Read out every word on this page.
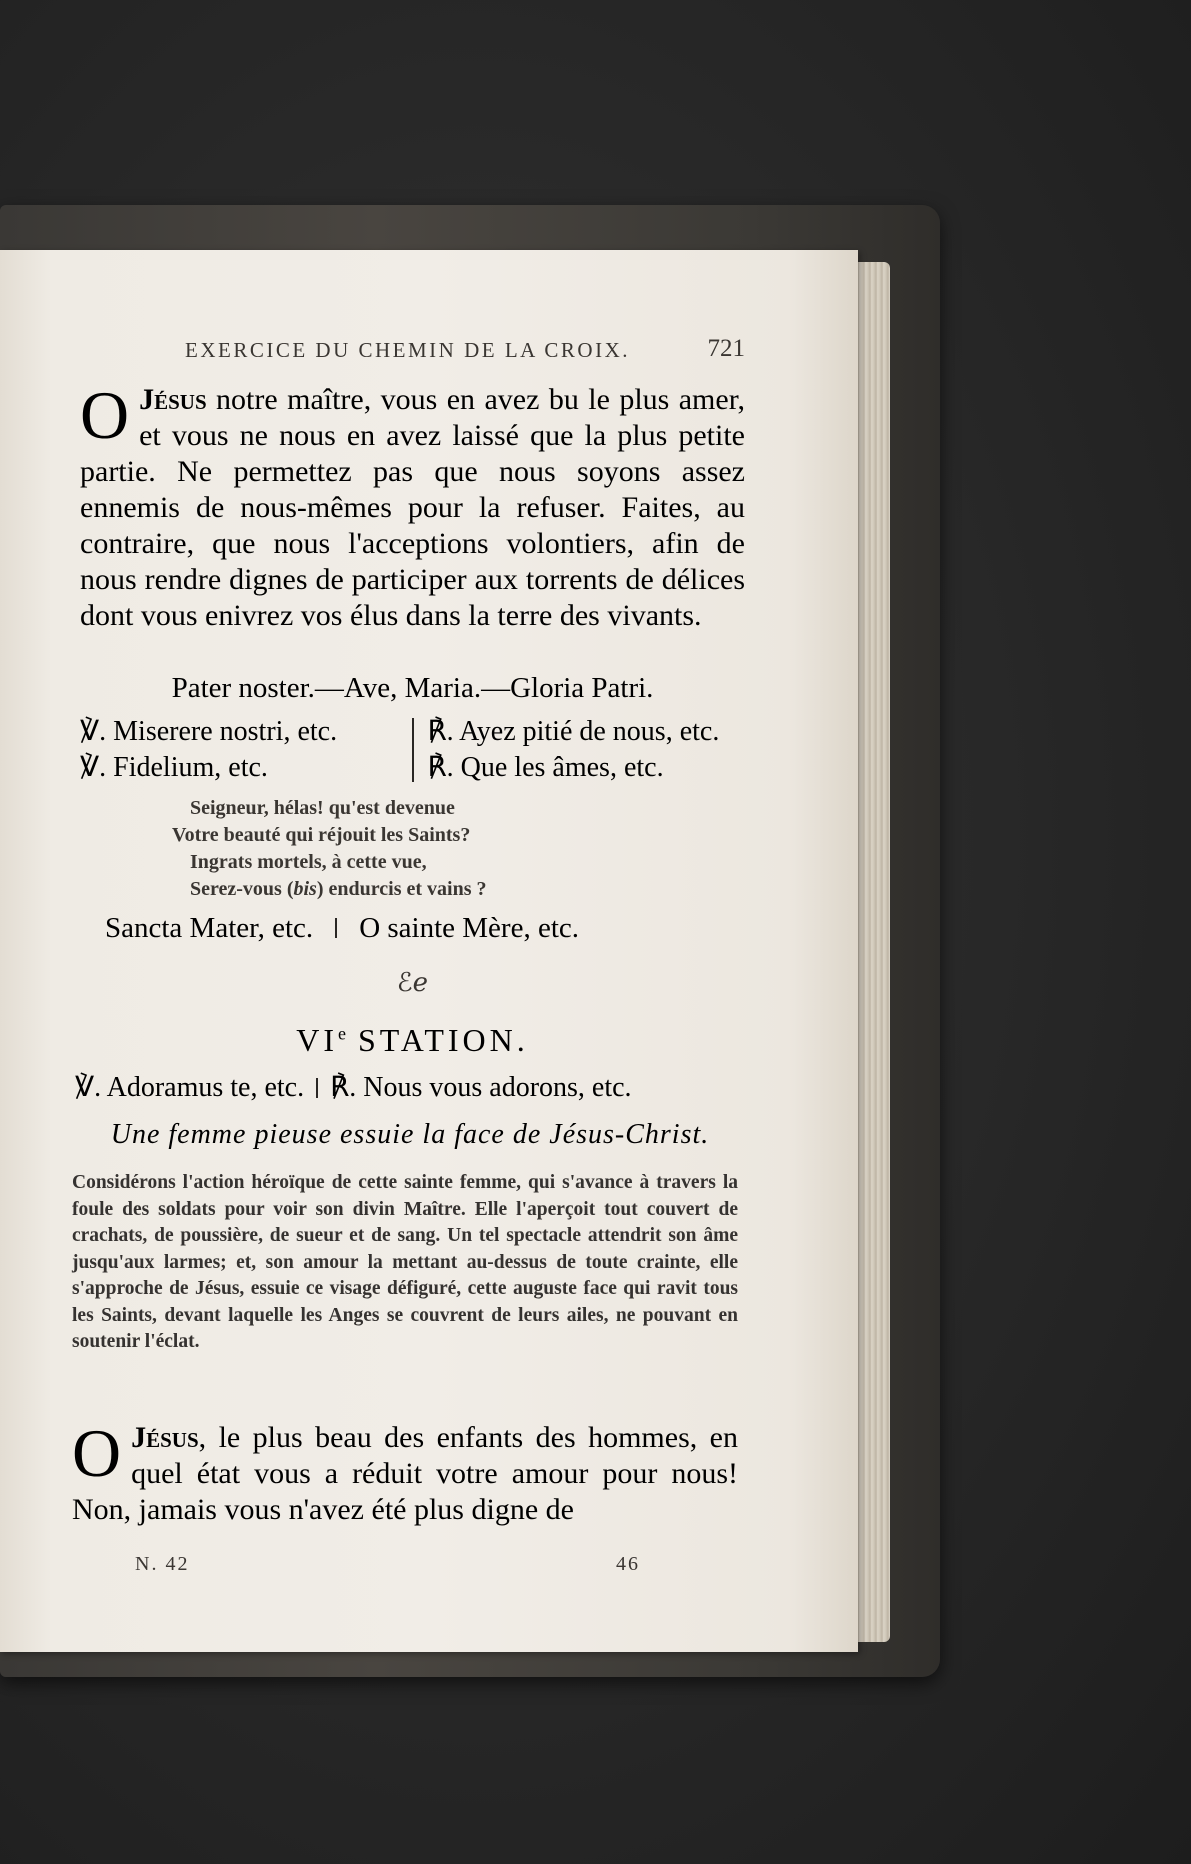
EXERCICE DU CHEMIN DE LA CROIX.	721
O Jésus notre maître, vous en avez bu le plus amer, et vous ne nous en avez laissé que la plus petite partie. Ne permettez pas que nous soyons assez ennemis de nous-mêmes pour la refuser. Faites, au contraire, que nous l'acceptions volontiers, afin de nous rendre dignes de participer aux torrents de délices dont vous enivrez vos élus dans la terre des vivants.
Pater noster.—Ave, Maria.—Gloria Patri.
℣. Miserere nostri, etc.
℣. Fidelium, etc.
℟. Ayez pitié de nous, etc.
℟. Que les âmes, etc.
Seigneur, hélas! qu'est devenue
Votre beauté qui réjouit les Saints?
Ingrats mortels, à cette vue,
Serez-vous (bis) endurcis et vains ?
Sancta Mater, etc. O sainte Mère, etc.
ℰℯ
VIe STATION.
℣. Adoramus te, etc. ℟. Nous vous adorons, etc.
Une femme pieuse essuie la face de Jésus-Christ.
Considérons l'action héroïque de cette sainte femme, qui s'avance à travers la foule des soldats pour voir son divin Maître. Elle l'aperçoit tout couvert de crachats, de poussière, de sueur et de sang. Un tel spectacle attendrit son âme jusqu'aux larmes; et, son amour la mettant au-dessus de toute crainte, elle s'approche de Jésus, essuie ce visage défiguré, cette auguste face qui ravit tous les Saints, devant laquelle les Anges se couvrent de leurs ailes, ne pouvant en soutenir l'éclat.
O Jésus, le plus beau des enfants des hommes, en quel état vous a réduit votre amour pour nous! Non, jamais vous n'avez été plus digne de
N. 42	46
